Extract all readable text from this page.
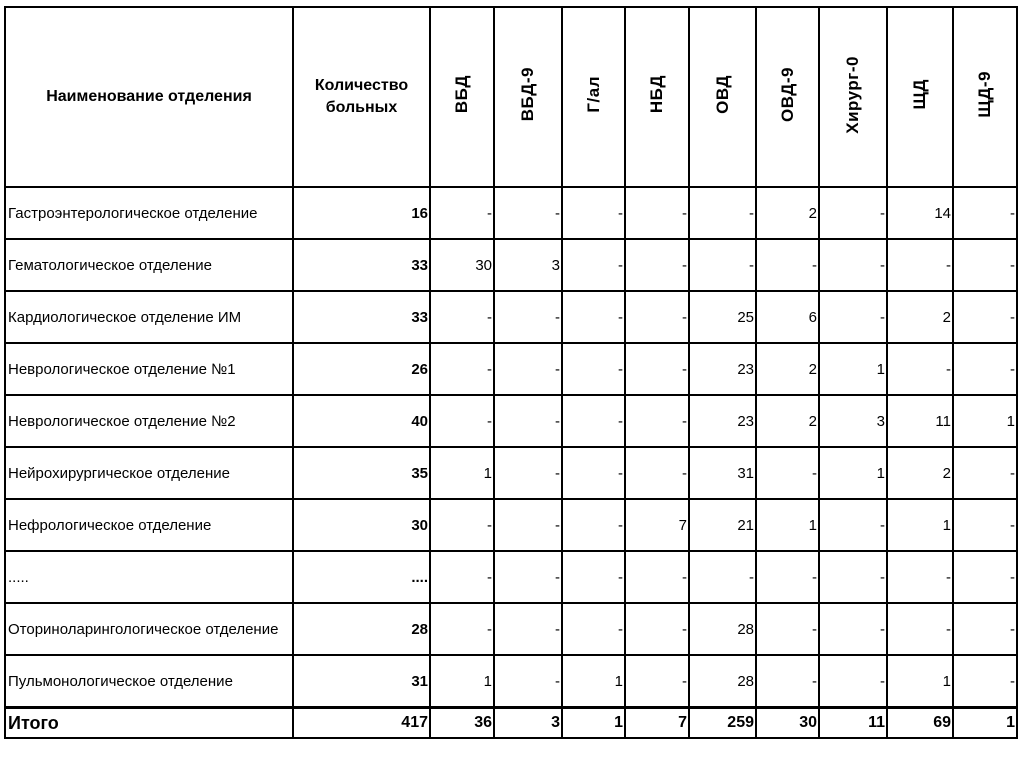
Наименование отделения	Количество больных	ВБД	ВБД-9	Г/ал	НБД	ОВД	ОВД-9	Хирург-0	ЩД	ЩД-9
Гастроэнтерологическое отделение	16	-	-	-	-	-	2	-	14	-
Гематологическое отделение	33	30	3	-	-	-	-	-	-	-
Кардиологическое отделение ИМ	33	-	-	-	-	25	6	-	2	-
Неврологическое отделение №1	26	-	-	-	-	23	2	1	-	-
Неврологическое отделение №2	40	-	-	-	-	23	2	3	11	1
Нейрохирургическое отделение	35	1	-	-	-	31	-	1	2	-
Нефрологическое отделение	30	-	-	-	7	21	1	-	1	-
.....	....	-	-	-	-	-	-	-	-	-
Оториноларингологическое отделение	28	-	-	-	-	28	-	-	-	-
Пульмонологическое отделение	31	1	-	1	-	28	-	-	1	-
Итого	417	36	3	1	7	259	30	11	69	1
